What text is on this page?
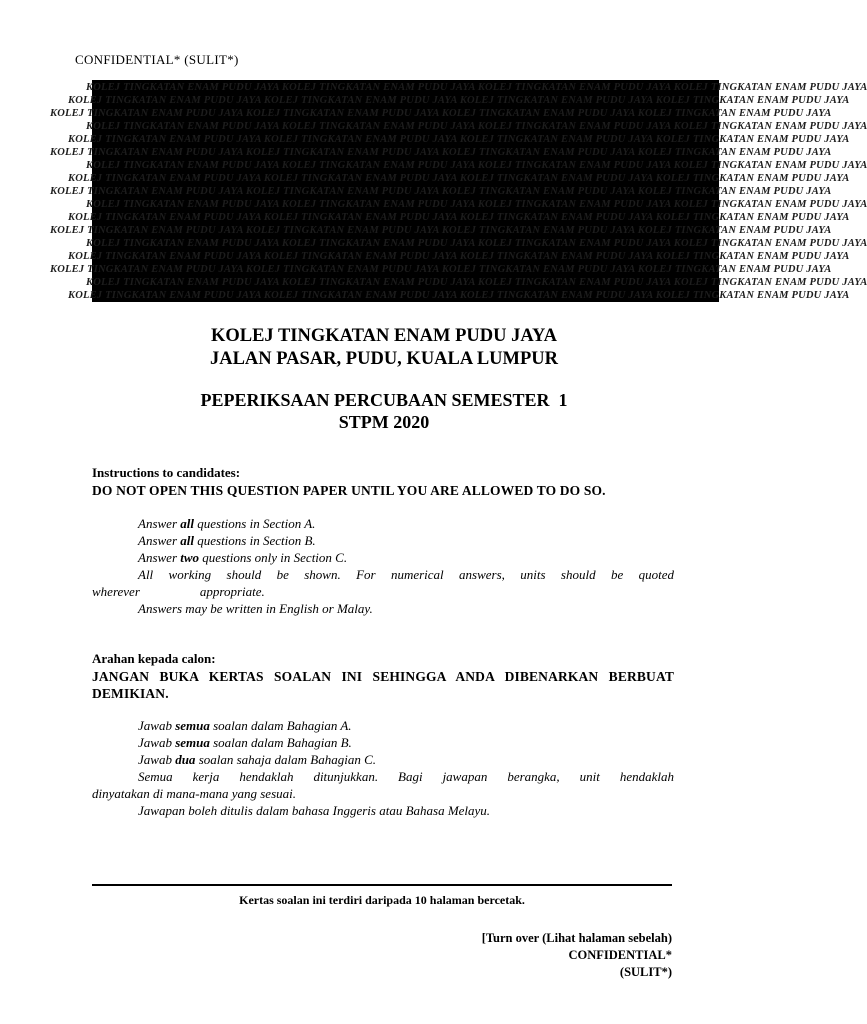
CONFIDENTIAL* (SULIT*)
KOLEJ TINGKATAN ENAM PUDU JAYA KOLEJ TINGKATAN ENAM PUDU JAYA KOLEJ TINGKATAN ENAM PUDU JAYA KOLEJ TINGKATAN ENAM PUDU JAYA
KOLEJ TINGKATAN ENAM PUDU JAYA KOLEJ TINGKATAN ENAM PUDU JAYA KOLEJ TINGKATAN ENAM PUDU JAYA KOLEJ TINGKATAN ENAM PUDU JAYA
KOLEJ TINGKATAN ENAM PUDU JAYA KOLEJ TINGKATAN ENAM PUDU JAYA KOLEJ TINGKATAN ENAM PUDU JAYA KOLEJ TINGKATAN ENAM PUDU JAYA
KOLEJ TINGKATAN ENAM PUDU JAYA KOLEJ TINGKATAN ENAM PUDU JAYA KOLEJ TINGKATAN ENAM PUDU JAYA KOLEJ TINGKATAN ENAM PUDU JAYA
KOLEJ TINGKATAN ENAM PUDU JAYA KOLEJ TINGKATAN ENAM PUDU JAYA KOLEJ TINGKATAN ENAM PUDU JAYA KOLEJ TINGKATAN ENAM PUDU JAYA
KOLEJ TINGKATAN ENAM PUDU JAYA KOLEJ TINGKATAN ENAM PUDU JAYA KOLEJ TINGKATAN ENAM PUDU JAYA KOLEJ TINGKATAN ENAM PUDU JAYA
KOLEJ TINGKATAN ENAM PUDU JAYA KOLEJ TINGKATAN ENAM PUDU JAYA KOLEJ TINGKATAN ENAM PUDU JAYA KOLEJ TINGKATAN ENAM PUDU JAYA
KOLEJ TINGKATAN ENAM PUDU JAYA KOLEJ TINGKATAN ENAM PUDU JAYA KOLEJ TINGKATAN ENAM PUDU JAYA KOLEJ TINGKATAN ENAM PUDU JAYA
KOLEJ TINGKATAN ENAM PUDU JAYA KOLEJ TINGKATAN ENAM PUDU JAYA KOLEJ TINGKATAN ENAM PUDU JAYA KOLEJ TINGKATAN ENAM PUDU JAYA
KOLEJ TINGKATAN ENAM PUDU JAYA KOLEJ TINGKATAN ENAM PUDU JAYA KOLEJ TINGKATAN ENAM PUDU JAYA KOLEJ TINGKATAN ENAM PUDU JAYA
KOLEJ TINGKATAN ENAM PUDU JAYA KOLEJ TINGKATAN ENAM PUDU JAYA KOLEJ TINGKATAN ENAM PUDU JAYA KOLEJ TINGKATAN ENAM PUDU JAYA
KOLEJ TINGKATAN ENAM PUDU JAYA KOLEJ TINGKATAN ENAM PUDU JAYA KOLEJ TINGKATAN ENAM PUDU JAYA KOLEJ TINGKATAN ENAM PUDU JAYA
KOLEJ TINGKATAN ENAM PUDU JAYA KOLEJ TINGKATAN ENAM PUDU JAYA KOLEJ TINGKATAN ENAM PUDU JAYA KOLEJ TINGKATAN ENAM PUDU JAYA
KOLEJ TINGKATAN ENAM PUDU JAYA KOLEJ TINGKATAN ENAM PUDU JAYA KOLEJ TINGKATAN ENAM PUDU JAYA KOLEJ TINGKATAN ENAM PUDU JAYA
KOLEJ TINGKATAN ENAM PUDU JAYA KOLEJ TINGKATAN ENAM PUDU JAYA KOLEJ TINGKATAN ENAM PUDU JAYA KOLEJ TINGKATAN ENAM PUDU JAYA
KOLEJ TINGKATAN ENAM PUDU JAYA KOLEJ TINGKATAN ENAM PUDU JAYA KOLEJ TINGKATAN ENAM PUDU JAYA KOLEJ TINGKATAN ENAM PUDU JAYA
KOLEJ TINGKATAN ENAM PUDU JAYA KOLEJ TINGKATAN ENAM PUDU JAYA KOLEJ TINGKATAN ENAM PUDU JAYA KOLEJ TINGKATAN ENAM PUDU JAYA
KOLEJ TINGKATAN ENAM PUDU JAYA
JALAN PASAR, PUDU, KUALA LUMPUR
PEPERIKSAAN PERCUBAAN SEMESTER  1
STPM 2020
Instructions to candidates:
DO NOT OPEN THIS QUESTION PAPER UNTIL YOU ARE ALLOWED TO DO SO.
Answer all questions in Section A.
Answer all questions in Section B.
Answer two questions only in Section C.
All working should be shown. For numerical answers, units should be quoted
wherever	appropriate.
Answers may be written in English or Malay.
Arahan kepada calon:
JANGAN BUKA KERTAS SOALAN INI SEHINGGA ANDA DIBENARKAN BERBUAT DEMIKIAN.
Jawab semua soalan dalam Bahagian A.
Jawab semua soalan dalam Bahagian B.
Jawab dua soalan sahaja dalam Bahagian C.
Semua kerja hendaklah ditunjukkan. Bagi jawapan berangka, unit hendaklah
dinyatakan di mana-mana yang sesuai.
Jawapan boleh ditulis dalam bahasa Inggeris atau Bahasa Melayu.
Kertas soalan ini terdiri daripada 10 halaman bercetak.
[Turn over (Lihat halaman sebelah)
CONFIDENTIAL*
(SULIT*)
